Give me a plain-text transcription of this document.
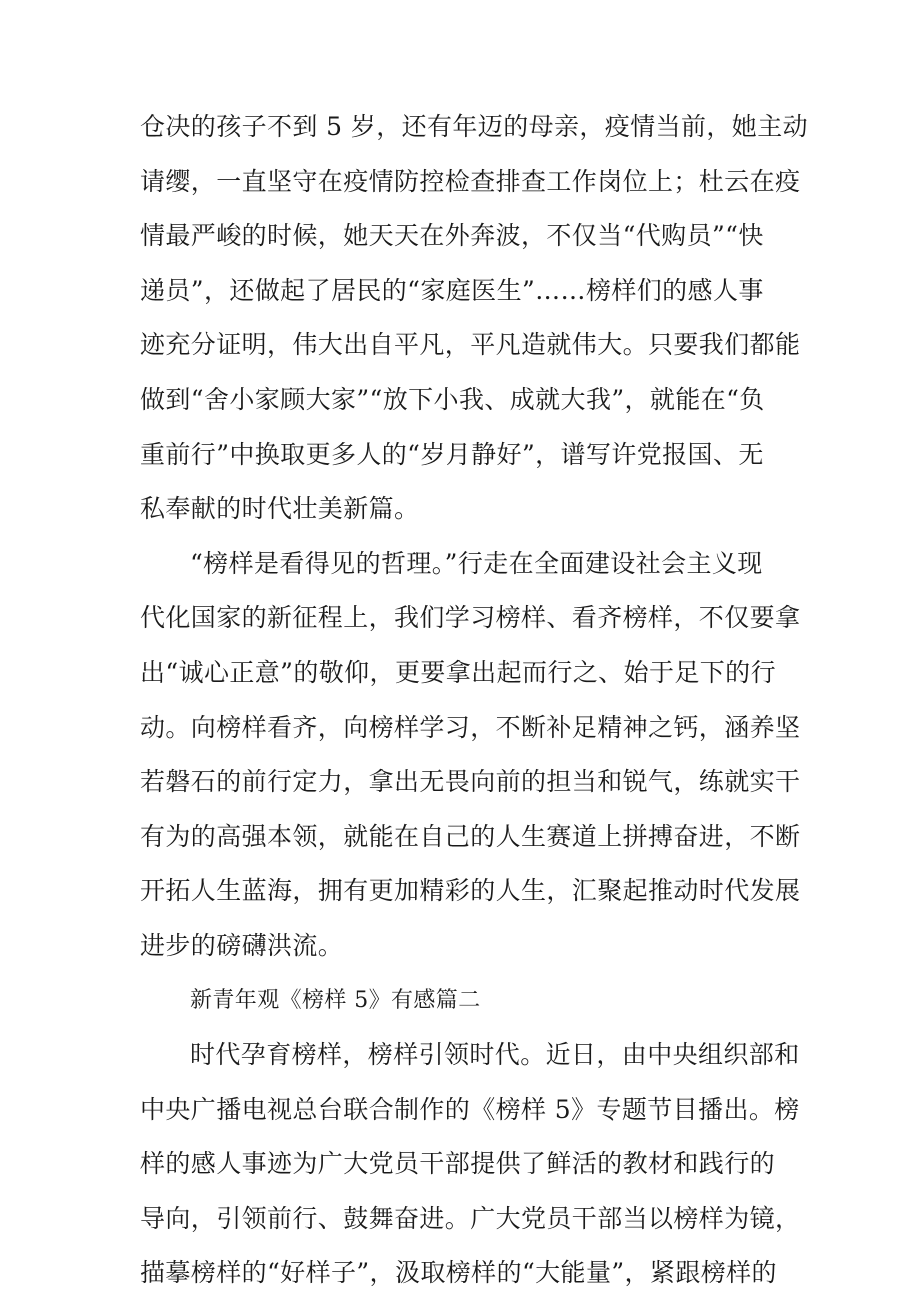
仓决的孩子不到 5 岁，还有年迈的母亲，疫情当前，她主动
请缨，一直坚守在疫情防控检查排查工作岗位上；杜云在疫
情最严峻的时候，她天天在外奔波，不仅当“代购员”“快
递员”，还做起了居民的“家庭医生”……榜样们的感人事
迹充分证明，伟大出自平凡，平凡造就伟大。只要我们都能
做到“舍小家顾大家”“放下小我、成就大我”，就能在“负
重前行”中换取更多人的“岁月静好”，谱写许党报国、无
私奉献的时代壮美新篇。
“榜样是看得见的哲理。”行走在全面建设社会主义现
代化国家的新征程上，我们学习榜样、看齐榜样，不仅要拿
出“诚心正意”的敬仰，更要拿出起而行之、始于足下的行
动。向榜样看齐，向榜样学习，不断补足精神之钙，涵养坚
若磐石的前行定力，拿出无畏向前的担当和锐气，练就实干
有为的高强本领，就能在自己的人生赛道上拼搏奋进，不断
开拓人生蓝海，拥有更加精彩的人生，汇聚起推动时代发展
进步的磅礴洪流。
新青年观《榜样 5》有感篇二
时代孕育榜样，榜样引领时代。近日，由中央组织部和
中央广播电视总台联合制作的《榜样 5》专题节目播出。榜
样的感人事迹为广大党员干部提供了鲜活的教材和践行的
导向，引领前行、鼓舞奋进。广大党员干部当以榜样为镜，
描摹榜样的“好样子”，汲取榜样的“大能量”，紧跟榜样的
